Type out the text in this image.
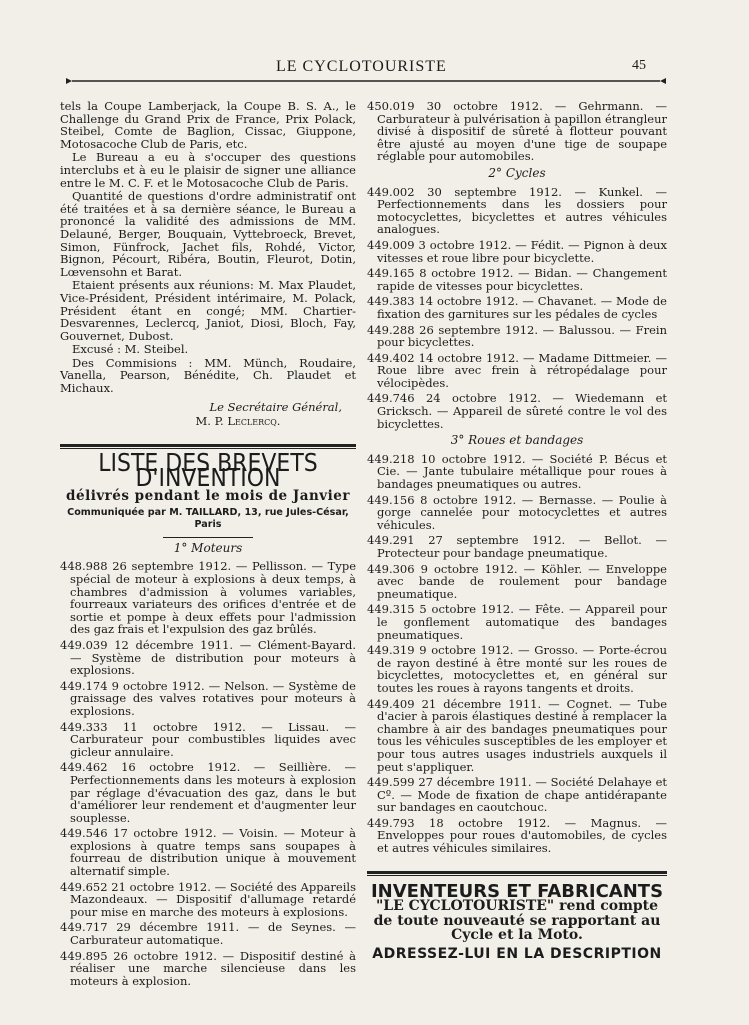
LE CYCLOTOURISTE	45

tels la Coupe Lamberjack, la Coupe B. S. A., le Challenge du Grand Prix de France, Prix Polack, Steibel, Comte de Baglion, Cissac, Giuppone, Motosacoche Club de Paris, etc.

Le Bureau a eu à s'occuper des questions interclubs et à eu le plaisir de signer une alliance entre le M. C. F. et le Motosacoche Club de Paris.

Quantité de questions d'ordre administratif ont été traitées et à sa dernière séance, le Bureau a prononcé la validité des admissions de MM. Delauné, Berger, Bouquain, Vyttebroeck, Brevet, Simon, Fünfrock, Jachet fils, Rohdé, Victor, Bignon, Pécourt, Ribéra, Boutin, Fleurot, Dotin, Lœvensohn et Barat.

Etaient présents aux réunions: M. Max Plaudet, Vice-Président, Président intérimaire, M. Polack, Président étant en congé; MM. Chartier-Desvarennes, Leclercq, Janiot, Diosi, Bloch, Fay, Gouvernet, Dubost.

Excusé : M. Steibel.

Des Commisions : MM. Münch, Roudaire, Vanella, Pearson, Bénédite, Ch. Plaudet et Michaux.

Le Secrétaire Général,
M. P. Leclercq.
LISTE DES BREVETS D'INVENTION
délivrés pendant le mois de Janvier
Communiquée par M. TAILLARD, 13, rue Jules-César, Paris
1° Moteurs

448.988 26 septembre 1912. — Pellisson. — Type spécial de moteur à explosions à deux temps, à chambres d'admission à volumes variables, fourreaux variateurs des orifices d'entrée et de sortie et pompe à deux effets pour l'admission des gaz frais et l'expulsion des gaz brûlés.

449.039 12 décembre 1911. — Clément-Bayard. — Système de distribution pour moteurs à explosions.

449.174 9 octobre 1912. — Nelson. — Système de graissage des valves rotatives pour moteurs à explosions.

449.333 11 octobre 1912. — Lissau. — Carburateur pour combustibles liquides avec gicleur annulaire.

449.462 16 octobre 1912. — Seillière. — Perfectionnements dans les moteurs à explosion par réglage d'évacuation des gaz, dans le but d'améliorer leur rendement et d'augmenter leur souplesse.

449.546 17 octobre 1912. — Voisin. — Moteur à explosions à quatre temps sans soupapes à fourreau de distribution unique à mouvement alternatif simple.

449.652 21 octobre 1912. — Société des Appareils Mazondeaux. — Dispositif d'allumage retardé pour mise en marche des moteurs à explosions.

449.717 29 décembre 1911. — de Seynes. — Carburateur automatique.

449.895 26 octobre 1912. — Dispositif destiné à réaliser une marche silencieuse dans les moteurs à explosion.

450.019 30 octobre 1912. — Gehrmann. — Carburateur à pulvérisation à papillon étrangleur divisé à dispositif de sûreté à flotteur pouvant être ajusté au moyen d'une tige de soupape réglable pour automobiles.

2° Cycles

449.002 30 septembre 1912. — Kunkel. — Perfectionnements dans les dossiers pour motocyclettes, bicyclettes et autres véhicules analogues.

449.009 3 octobre 1912. — Fédit. — Pignon à deux vitesses et roue libre pour bicyclette.

449.165 8 octobre 1912. — Bidan. — Changement rapide de vitesses pour bicyclettes.

449.383 14 octobre 1912. — Chavanet. — Mode de fixation des garnitures sur les pédales de cycles

449.288 26 septembre 1912. — Balussou. — Frein pour bicyclettes.

449.402 14 octobre 1912. — Madame Dittmeier. — Roue libre avec frein à rétropédalage pour vélocipèdes.

449.746 24 octobre 1912. — Wiedemann et Gricksch. — Appareil de sûreté contre le vol des bicyclettes.

3° Roues et bandages

449.218 10 octobre 1912. — Société P. Bécus et Cie. — Jante tubulaire métallique pour roues à bandages pneumatiques ou autres.

449.156 8 octobre 1912. — Bernasse. — Poulie à gorge cannelée pour motocyclettes et autres véhicules.

449.291 27 septembre 1912. — Bellot. — Protecteur pour bandage pneumatique.

449.306 9 octobre 1912. — Köhler. — Enveloppe avec bande de roulement pour bandage pneumatique.

449.315 5 octobre 1912. — Fête. — Appareil pour le gonflement automatique des bandages pneumatiques.

449.319 9 octobre 1912. — Grosso. — Porte-écrou de rayon destiné à être monté sur les roues de bicyclettes, motocyclettes et, en général sur toutes les roues à rayons tangents et droits.

449.409 21 décembre 1911. — Cognet. — Tube d'acier à parois élastiques destiné à remplacer la chambre à air des bandages pneumatiques pour tous les véhicules susceptibles de les employer et pour tous autres usages industriels auxquels il peut s'appliquer.

449.599 27 décembre 1911. — Société Delahaye et Cº. — Mode de fixation de chape antidérapante sur bandages en caoutchouc.

449.793 18 octobre 1912. — Magnus. — Enveloppes pour roues d'automobiles, de cycles et autres véhicules similaires.

INVENTEURS ET FABRICANTS
"LE CYCLOTOURISTE" rend compte
de toute nouveauté se rapportant au
Cycle et la Moto.
ADRESSEZ-LUI EN LA DESCRIPTION
